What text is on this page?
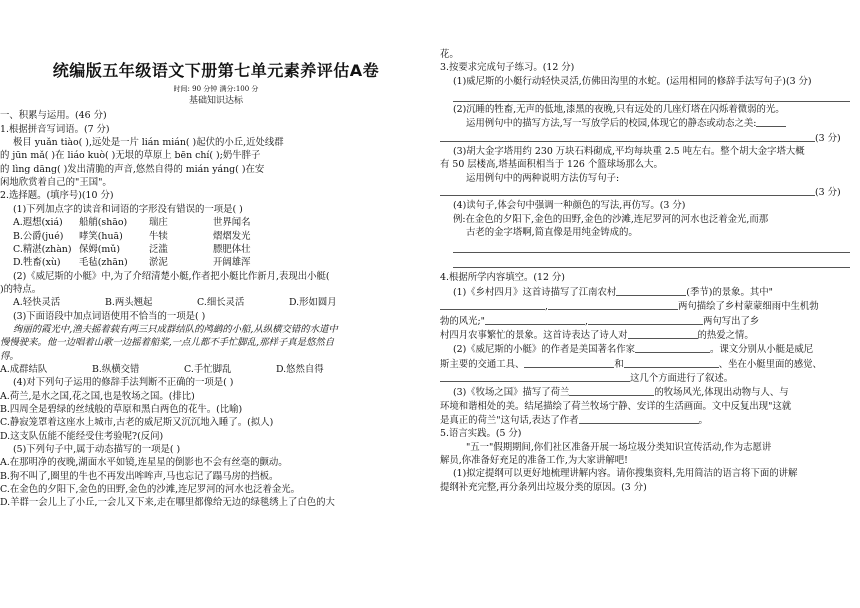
统编版五年级语文下册第七单元素养评估A卷

时间: 90 分钟 满分:100 分

基础知识达标

一、积累与运用。(46 分)

1.根据拼音写词语。(7 分)

极目 yuǎn tiào( ),远处是一片 lián mián( )起伏的小丘,近处线群

的 jūn mǎ( )在 liáo kuò( )无垠的草原上 bēn chí( );奶牛胖子

的 lìng dāng( )发出清脆的声音,悠然自得的 mián yáng( )在安

闲地欣赏着自己的"王国"。

2.选择题。(填序号)(10 分)

(1)下列加点字的读音和词语的字形没有错误的一项是( )

A.遐想(xiá)	船艄(shāo)	瑞庄	世界闻名
B.公爵(jué)	哮笑(huā)	牛犊	熠熠发光
C.精湛(zhàn) 保姆(mǔ)	泛滥	膘肥体壮
D.牲畜(xù)	毛毡(zhān)	淤泥	开阔雄浑

(2)《威尼斯的小艇》中,为了介绍清楚小艇,作者把小艇比作新月,表现出小艇(

)的特点。

A.轻快灵活	B.两头翘起	C.细长灵活	D.形如圆月

(3)下面语段中加点词语使用不恰当的一项是( )

绚丽的霞光中,渔夫摇着载有两三只成群结队的鸬鹚的小船,从纵横交错的水道中

慢慢驶来。他一边唱着山歌一边摇着船桨,一点儿都不手忙脚乱,那样子真是悠然自

得。

A.成群结队	B.纵横交错	C.手忙脚乱	D.悠然自得

(4)对下列句子运用的修辞手法判断不正确的一项是( )

A.荷兰,是水之国,花之国,也是牧场之国。(排比)

B.四周全是碧绿的丝绒般的草原和黑白两色的花牛。(比喻)

C.静寂笼罩着这座水上城市,古老的威尼斯又沉沉地入睡了。(拟人)

D.这支队伍能不能经受住考验呢?(反问)

(5)下列句子中,属于动态描写的一项是( )

A.在那明净的夜晚,湖面水平如镜,连星星的倒影也不会有丝毫的颤动。

B.狗不叫了,圈里的牛也不再发出哞哞声,马也忘记了蹋马房的挡板。

C.在金色的夕阳下,金色的田野,金色的沙滩,连尼罗河的河水也泛着金光。

D.羊群一会儿上了小丘,一会儿又下来,走在哪里都像给无边的绿毯绣上了白色的大

花。

3.按要求完成句子练习。(12 分)

(1)威尼斯的小艇行动轻快灵活,仿佛田沟里的水蛇。(运用相同的修辞手法写句子)(3 分)

(2)沉睡的牲畜,无声的低地,漆黑的夜晚,只有远处的几座灯塔在闪烁着微弱的光。

运用例句中的描写方法,写一写放学后的校园,体现它的静态或动态之美:

(3 分)

(3)胡大金字塔用约 230 万块石料砌成,平均每块重 2.5 吨左右。整个胡大金字塔大概

有 50 层楼高,塔基面积相当于 126 个篮球场那么大。

运用例句中的两种说明方法仿写句子:

(3 分)

(4)读句子,体会句中强调一种颜色的写法,再仿写。(3 分)

例:在金色的夕阳下,金色的田野,金色的沙滩,连尼罗河的河水也泛着金光,而那

古老的金字塔啊,简直像是用纯金铸成的。

4.根据所学内容填空。(12 分)

(1)《乡村四月》这首诗描写了江南农村	(季节)的景象。其中"

,	两句描绘了乡村蒙蒙细雨中生机勃

勃的风光;"	,	两句写出了乡

村四月农事繁忙的景象。这首诗表达了诗人对	的热爱之情。

(2)《威尼斯的小艇》的作者是美国著名作家	。课文分别从小艇是威尼

斯主要的交通工具、	和	、坐在小艇里面的感觉、

这几个方面进行了叙述。

(3)《牧场之国》描写了荷兰	的牧场风光,体现出动物与人、与

环境和谐相处的美。结尾描绘了荷兰牧场宁静、安详的生活画面。文中反复出现"这就

是真正的荷兰"这句话,表达了作者	。

5.语言实践。(5 分)

"五一"假期期间,你们社区准备开展一场垃圾分类知识宣传活动,作为志愿讲

解员,你准备好充足的准备工作,为大家讲解吧!

(1)拟定提纲可以更好地梳理讲解内容。请你搜集资料,先用简洁的语言将下面的讲解

提纲补充完整,再分条列出垃圾分类的原因。(3 分)
